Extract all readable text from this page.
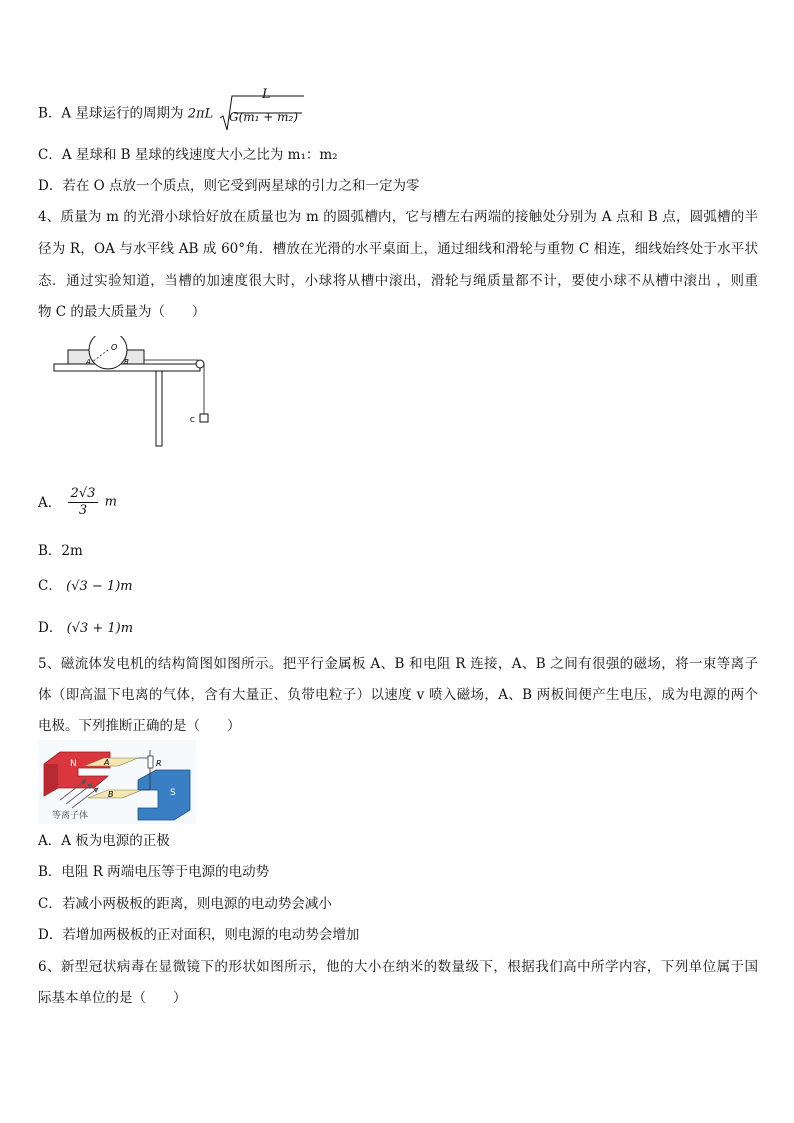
B．A 星球运行的周期为 2πL
L
G(m₁ + m₂)
C．A 星球和 B 星球的线速度大小之比为 m₁：m₂
D．若在 O 点放一个质点，则它受到两星球的引力之和一定为零
4、质量为 m 的光滑小球恰好放在质量也为 m 的圆弧槽内，它与槽左右两端的接触处分别为 A 点和 B 点，圆弧槽的半
径为 R，OA 与水平线 AB 成 60°角．槽放在光滑的水平桌面上，通过细线和滑轮与重物 C 相连，细线始终处于水平状
态．通过实验知道，当槽的加速度很大时，小球将从槽中滚出，滑轮与绳质量都不计，要使小球不从槽中滚出 ，则重
物 C 的最大质量为（　　）
O
A	B
C
A． $\frac{2√3}{3}$ m
B．2m
C． (√3 − 1)m
D． (√3 + 1)m
5、磁流体发电机的结构简图如图所示。把平行金属板 A、B 和电阻 R 连接，A、B 之间有很强的磁场，将一束等离子
体（即高温下电离的气体，含有大量正、负带电粒子）以速度 v 喷入磁场，A、B 两板间便产生电压，成为电源的两个
电极。下列推断正确的是（　　）
N	A
B	S
R
等离子体
A．A 板为电源的正极
B．电阻 R 两端电压等于电源的电动势
C．若减小两极板的距离，则电源的电动势会减小
D．若增加两极板的正对面积，则电源的电动势会增加
6、新型冠状病毒在显微镜下的形状如图所示，他的大小在纳米的数量级下，根据我们高中所学内容，下列单位属于国
际基本单位的是（　　）
